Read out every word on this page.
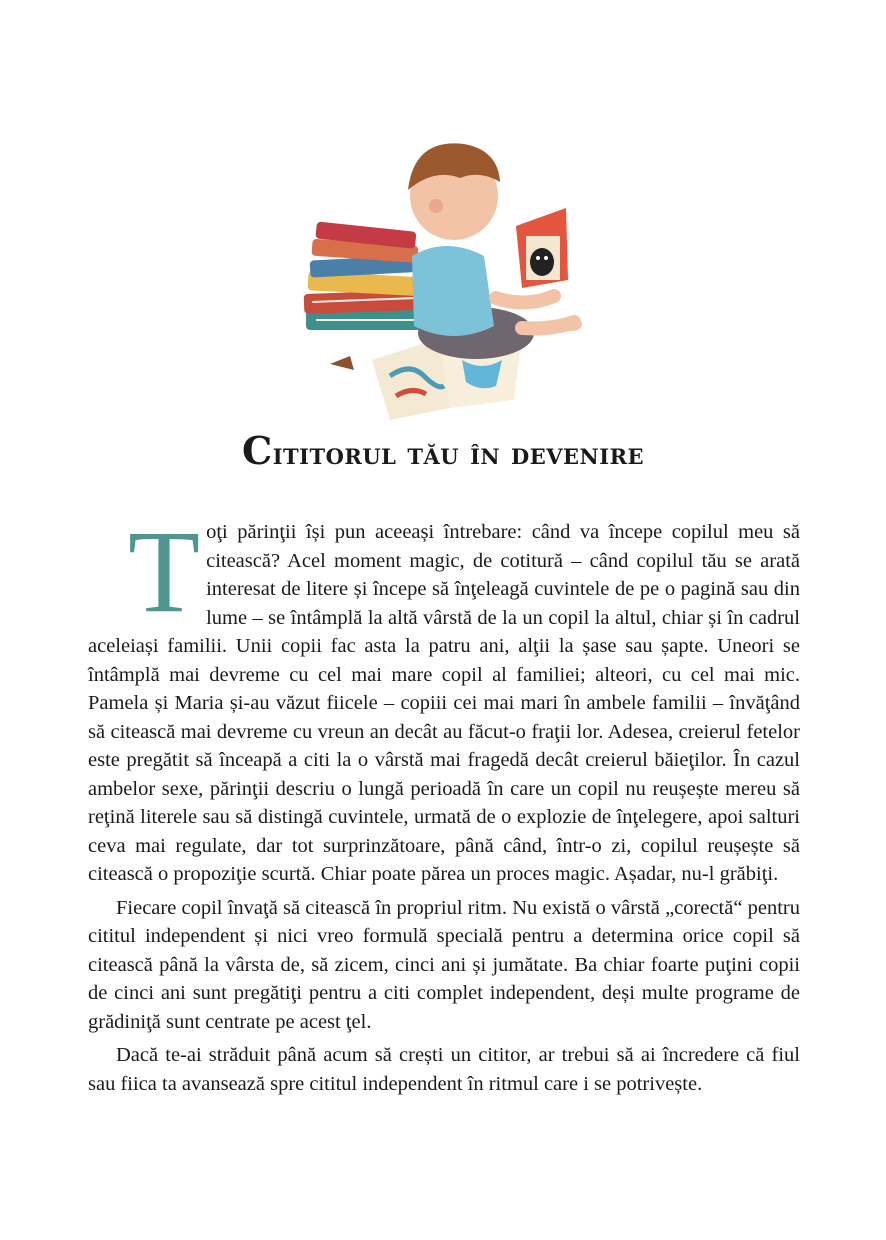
Cititorul tău în devenire

Toţi părinţii își pun aceeași întrebare: când va începe copilul meu să citească? Acel moment magic, de cotitură – când copilul tău se arată interesat de litere și începe să înţeleagă cuvintele de pe o pagină sau din lume – se întâmplă la altă vârstă de la un copil la altul, chiar și în cadrul aceleiași familii. Unii copii fac asta la patru ani, alţii la șase sau șapte. Uneori se întâmplă mai devreme cu cel mai mare copil al familiei; alteori, cu cel mai mic. Pamela și Maria și-au văzut fiicele – copiii cei mai mari în ambele familii – învăţând să citească mai devreme cu vreun an decât au făcut-o fraţii lor. Adesea, creierul fetelor este pregătit să înceapă a citi la o vârstă mai fragedă decât creierul băieţilor. În cazul ambelor sexe, părinţii descriu o lungă perioadă în care un copil nu reușește mereu să reţină literele sau să distingă cuvintele, urmată de o explozie de înţelegere, apoi salturi ceva mai regulate, dar tot surprinzătoare, până când, într-o zi, copilul reușește să citească o propoziţie scurtă. Chiar poate părea un proces magic. Așadar, nu-l grăbiţi.

Fiecare copil învaţă să citească în propriul ritm. Nu există o vârstă „corectă“ pentru cititul independent și nici vreo formulă specială pentru a determina orice copil să citească până la vârsta de, să zicem, cinci ani și jumătate. Ba chiar foarte puţini copii de cinci ani sunt pregătiţi pentru a citi complet independent, deși multe programe de grădiniţă sunt centrate pe acest ţel.

Dacă te-ai străduit până acum să crești un cititor, ar trebui să ai încredere că fiul sau fiica ta avansează spre cititul independent în ritmul care i se potrivește.
